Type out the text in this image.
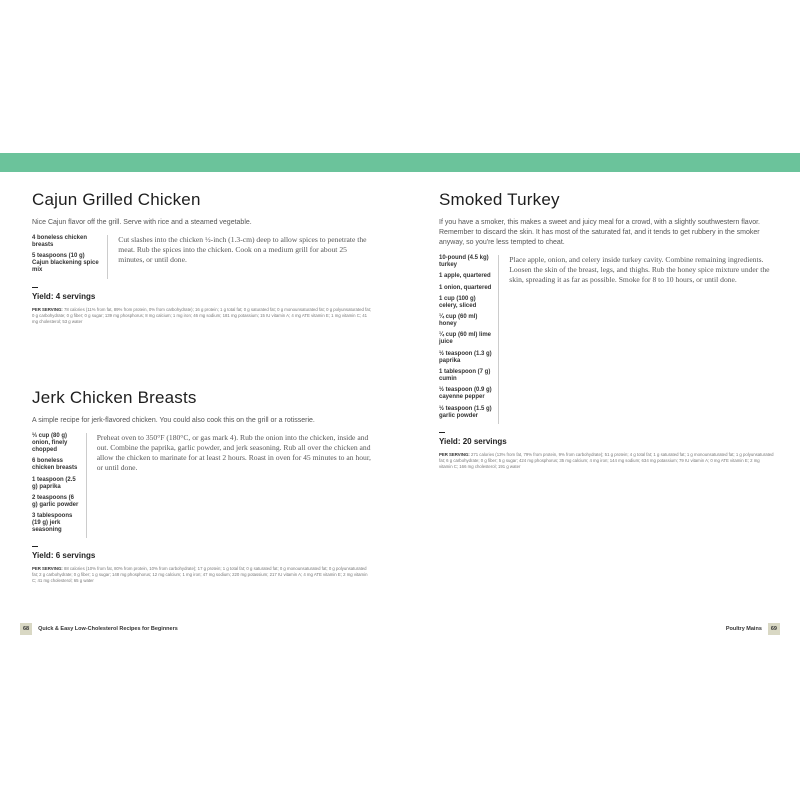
Cajun Grilled Chicken
Nice Cajun flavor off the grill. Serve with rice and a steamed vegetable.
4 boneless chicken breasts
5 teaspoons (10 g) Cajun blackening spice mix
Cut slashes into the chicken ½-inch (1.3-cm) deep to allow spices to penetrate the meat. Rub the spices into the chicken. Cook on a medium grill for about 25 minutes, or until done.
Yield: 4 servings
PER SERVING: 78 calories (11% from fat, 89% from protein, 0% from carbohydrate); 16 g protein; 1 g total fat; 0 g saturated fat; 0 g monounsaturated fat; 0 g polyunsaturated fat; 0 g carbohydrate; 0 g fiber; 0 g sugar; 139 mg phosphorus; 8 mg calcium; 1 mg iron; 46 mg sodium; 181 mg potassium; 15 IU vitamin A; 4 mg ATE vitamin E; 1 mg vitamin C; 41 mg cholesterol; 53 g water
Jerk Chicken Breasts
A simple recipe for jerk-flavored chicken. You could also cook this on the grill or a rotisserie.
⅓ cup (80 g) onion, finely chopped
6 boneless chicken breasts
1 teaspoon (2.5 g) paprika
2 teaspoons (6 g) garlic powder
3 tablespoons (19 g) jerk seasoning
Preheat oven to 350°F (180°C, or gas mark 4). Rub the onion into the chicken, inside and out. Combine the paprika, garlic powder, and jerk seasoning. Rub all over the chicken and allow the chicken to marinate for at least 2 hours. Roast in oven for 45 minutes to an hour, or until done.
Yield: 6 servings
PER SERVING: 88 calories (10% from fat, 80% from protein, 10% from carbohydrate); 17 g protein; 1 g total fat; 0 g saturated fat; 0 g monounsaturated fat; 0 g polyunsaturated fat; 2 g carbohydrate; 0 g fiber; 1 g sugar; 148 mg phosphorus; 12 mg calcium; 1 mg iron; 47 mg sodium; 220 mg potassium; 217 IU vitamin A; 4 mg ATE vitamin E; 2 mg vitamin C; 41 mg cholesterol; 65 g water
Smoked Turkey
If you have a smoker, this makes a sweet and juicy meal for a crowd, with a slightly southwestern flavor. Remember to discard the skin. It has most of the saturated fat, and it tends to get rubbery in the smoker anyway, so you're less tempted to cheat.
10-pound (4.5 kg) turkey
1 apple, quartered
1 onion, quartered
1 cup (100 g) celery, sliced
¼ cup (60 ml) honey
¼ cup (60 ml) lime juice
½ teaspoon (1.3 g) paprika
1 tablespoon (7 g) cumin
½ teaspoon (0.9 g) cayenne pepper
½ teaspoon (1.5 g) garlic powder
Place apple, onion, and celery inside turkey cavity. Combine remaining ingredients. Loosen the skin of the breast, legs, and thighs. Rub the honey spice mixture under the skin, spreading it as far as possible. Smoke for 8 to 10 hours, or until done.
Yield: 20 servings
PER SERVING: 271 calories (13% from fat, 79% from protein, 9% from carbohydrate); 51 g protein; 4 g total fat; 1 g saturated fat; 1 g monounsaturated fat; 1 g polyunsaturated fat; 6 g carbohydrate; 0 g fiber; 5 g sugar; 424 mg phosphorus; 35 mg calcium; 4 mg iron; 144 mg sodium; 634 mg potassium; 79 IU vitamin A; 0 mg ATE vitamin E; 2 mg vitamin C; 166 mg cholesterol; 191 g water
68	Quick & Easy Low-Cholesterol Recipes for Beginners	Poultry Mains	69
